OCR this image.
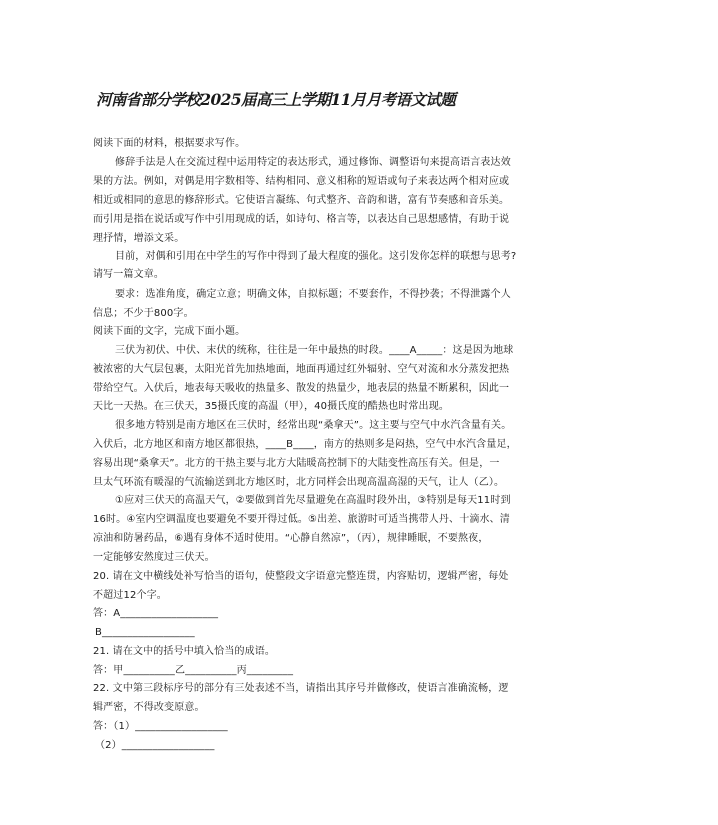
河南省部分学校2025届高三上学期11月月考语文试题
阅读下面的材料，根据要求写作。
修辞手法是人在交流过程中运用特定的表达形式，通过修饰、调整语句来提高语言表达效
果的方法。例如，对偶是用字数相等、结构相同、意义相称的短语或句子来表达两个相对应或
相近或相同的意思的修辞形式。它使语言凝练、句式整齐、音韵和谐，富有节奏感和音乐美。
而引用是指在说话或写作中引用现成的话，如诗句、格言等，以表达自己思想感情，有助于说
理抒情，增添文采。
目前，对偶和引用在中学生的写作中得到了最大程度的强化。这引发你怎样的联想与思考?
请写一篇文章。
要求：选准角度，确定立意；明确文体，自拟标题；不要套作，不得抄袭；不得泄露个人
信息；不少于800字。
阅读下面的文字，完成下面小题。
三伏为初伏、中伏、末伏的统称，往往是一年中最热的时段。____A_____：这是因为地球
被浓密的大气层包裹，太阳光首先加热地面，地面再通过红外辐射、空气对流和水分蒸发把热
带给空气。入伏后，地表每天吸收的热量多、散发的热量少，地表层的热量不断累积，因此一
天比一天热。在三伏天，35摄氏度的高温（甲），40摄氏度的酷热也时常出现。
很多地方特别是南方地区在三伏时，经常出现“桑拿天”。这主要与空气中水汽含量有关。
入伏后，北方地区和南方地区都很热，____B____，南方的热则多是闷热，空气中水汽含量足，
容易出现“桑拿天”。北方的干热主要与北方大陆暖高控制下的大陆变性高压有关。但是，一
旦太气环流有暖湿的气流输送到北方地区时，北方同样会出现高温高湿的天气，让人（乙）。
①应对三伏天的高温天气，②要做到首先尽量避免在高温时段外出，③特别是每天11时到
16时。④室内空调温度也要避免不要开得过低。⑤出差、旅游时可适当携带人丹、十滴水、清
凉油和防暑药品，⑥遇有身体不适时使用。“心静自然凉”，（丙），规律睡眠，不要熬夜，
一定能够安然度过三伏天。
20. 请在文中横线处补写恰当的语句，使整段文字语意完整连贯，内容贴切，逻辑严密，每处
不超过12个字。
答：A___________________
B__________________
21. 请在文中的括号中填入恰当的成语。
答：甲__________乙__________丙_________
22. 文中第三段标序号的部分有三处表述不当，请指出其序号并做修改，使语言准确流畅，逻
辑严密，不得改变原意。
答：（1）__________________
（2）__________________
